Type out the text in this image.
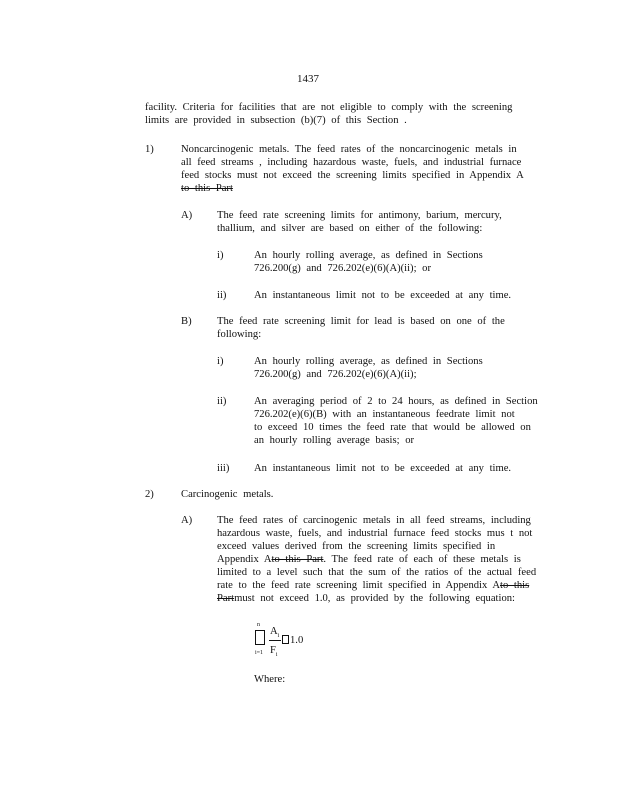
1437
facility. Criteria for facilities that are not eligible to comply with the screening
limits are provided in subsection (b)(7) of this Section .
1)	Noncarcinogenic metals. The feed rates of the noncarcinogenic metals in
all feed streams , including hazardous waste, fuels, and industrial furnace
feed stocks must not exceed the screening limits specified in Appendix A
to this Part
A) The feed rate screening limits for antimony, barium, mercury,
thallium, and silver are based on either of the following:
i)	An hourly rolling average, as defined in Sections
726.200(g) and 726.202(e)(6)(A)(ii); or
ii)	An instantaneous limit not to be exceeded at any time.
B) The feed rate screening limit for lead is based on one of the
following:
i)	An hourly rolling average, as defined in Sections
726.200(g) and 726.202(e)(6)(A)(ii);
ii)	An averaging period of 2 to 24 hours, as defined in Section
726.202(e)(6)(B) with an instantaneous feedrate limit not
to exceed 10 times the feed rate that would be allowed on
an hourly rolling average basis; or
iii) An instantaneous limit not to be exceeded at any time.
2)	Carcinogenic metals.
A) The feed rates of carcinogenic metals in all feed streams, including
hazardous waste, fuels, and industrial furnace feed stocks mus t not
exceed values derived from the screening limits specified in
Appendix Ato this Part. The feed rate of each of these metals is
limited to a level such that the sum of the ratios of the actual feed
rate to the feed rate screening limit specified in Appendix Ato this
Partmust not exceed 1.0, as provided by the following equation:
n
i=1
$A_i$
$F_i$
1.0
Where:
